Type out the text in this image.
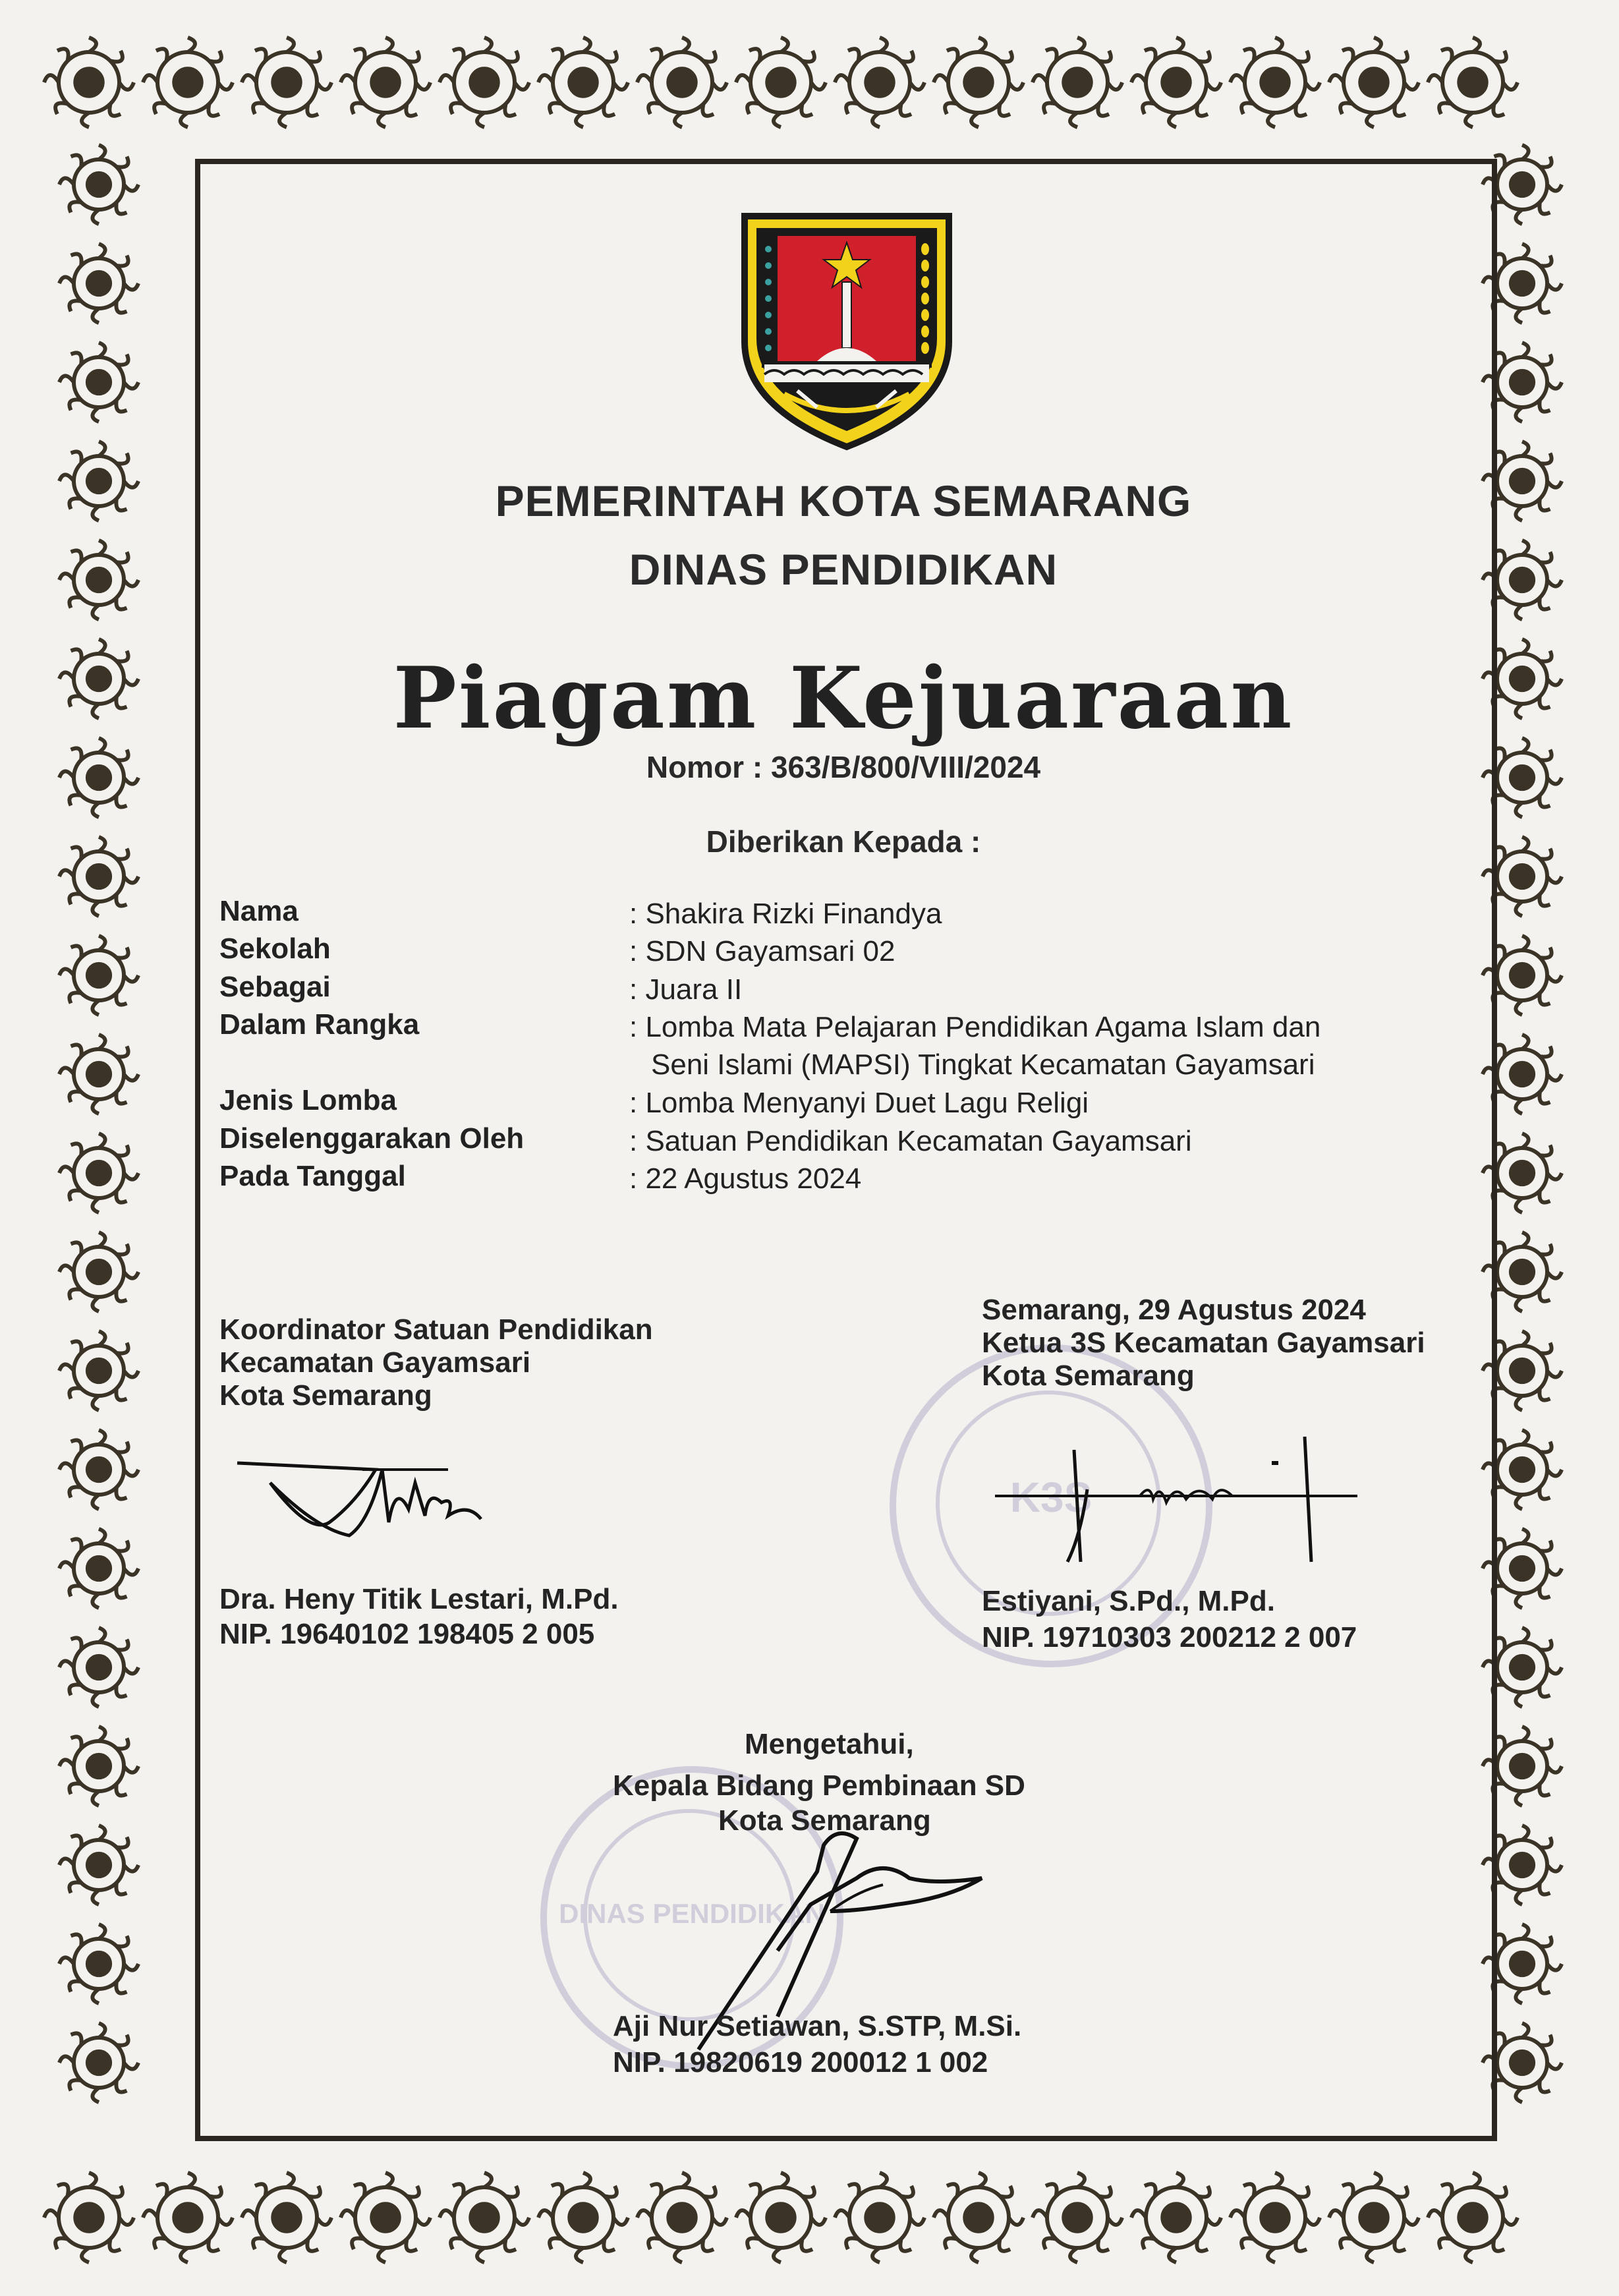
PEMERINTAH KOTA SEMARANG
DINAS PENDIDIKAN
Piagam Kejuaraan
Nomor : 363/B/800/VIII/2024
Diberikan Kepada :
Nama	: Shakira Rizki Finandya
Sekolah	: SDN Gayamsari 02
Sebagai	: Juara II
Dalam Rangka	: Lomba Mata Pelajaran Pendidikan Agama Islam dan
Seni Islami (MAPSI) Tingkat Kecamatan Gayamsari
Jenis Lomba	: Lomba Menyanyi Duet Lagu Religi
Diselenggarakan Oleh	: Satuan Pendidikan Kecamatan Gayamsari
Pada Tanggal	: 22 Agustus 2024
K3S
DINAS PENDIDIKAN
Koordinator Satuan Pendidikan
Kecamatan Gayamsari
Kota Semarang
Dra. Heny Titik Lestari, M.Pd.
NIP. 19640102 198405 2 005
Semarang, 29 Agustus 2024
Ketua 3S Kecamatan Gayamsari
Kota Semarang
Estiyani, S.Pd., M.Pd.
NIP. 19710303 200212 2 007
Mengetahui,
Kepala Bidang Pembinaan SD
Kota Semarang
Aji Nur Setiawan, S.STP, M.Si.
NIP. 19820619 200012 1 002
